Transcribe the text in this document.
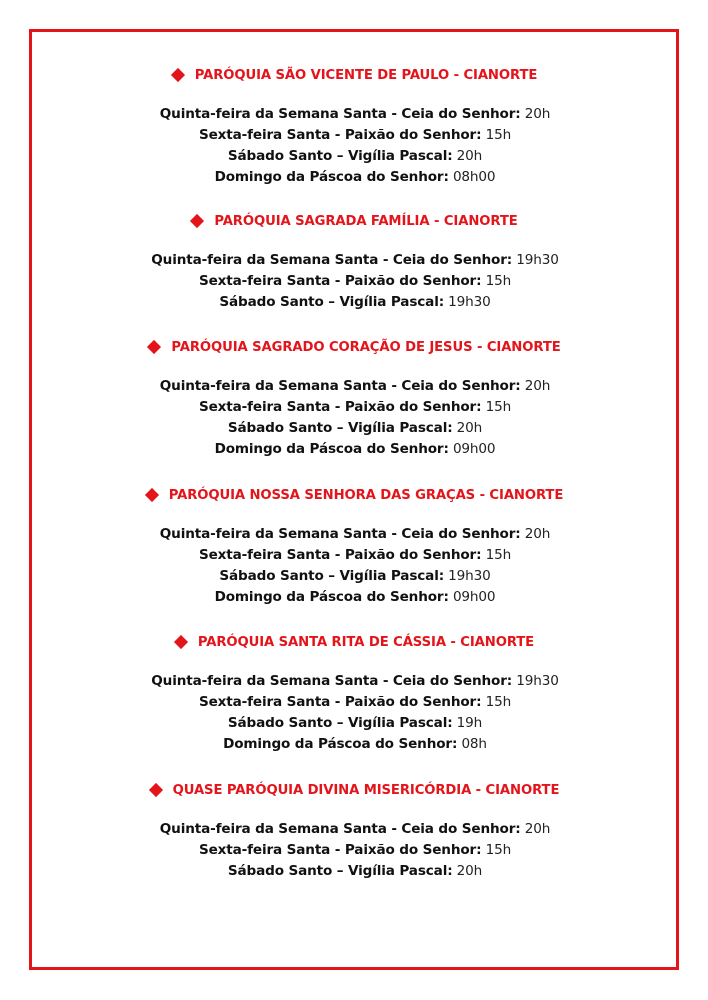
PARÓQUIA SÃO VICENTE DE PAULO - CIANORTE
Quinta-feira da Semana Santa - Ceia do Senhor: 20h
Sexta-feira Santa - Paixão do Senhor: 15h
Sábado Santo – Vigília Pascal: 20h
Domingo da Páscoa do Senhor: 08h00
PARÓQUIA SAGRADA FAMÍLIA - CIANORTE
Quinta-feira da Semana Santa - Ceia do Senhor: 19h30
Sexta-feira Santa - Paixão do Senhor: 15h
Sábado Santo – Vigília Pascal: 19h30
PARÓQUIA SAGRADO CORAÇÃO DE JESUS - CIANORTE
Quinta-feira da Semana Santa - Ceia do Senhor: 20h
Sexta-feira Santa - Paixão do Senhor: 15h
Sábado Santo – Vigília Pascal: 20h
Domingo da Páscoa do Senhor: 09h00
PARÓQUIA NOSSA SENHORA DAS GRAÇAS - CIANORTE
Quinta-feira da Semana Santa - Ceia do Senhor: 20h
Sexta-feira Santa - Paixão do Senhor: 15h
Sábado Santo – Vigília Pascal: 19h30
Domingo da Páscoa do Senhor: 09h00
PARÓQUIA SANTA RITA DE CÁSSIA - CIANORTE
Quinta-feira da Semana Santa - Ceia do Senhor: 19h30
Sexta-feira Santa - Paixão do Senhor: 15h
Sábado Santo – Vigília Pascal: 19h
Domingo da Páscoa do Senhor: 08h
QUASE PARÓQUIA DIVINA MISERICÓRDIA - CIANORTE
Quinta-feira da Semana Santa - Ceia do Senhor: 20h
Sexta-feira Santa - Paixão do Senhor: 15h
Sábado Santo – Vigília Pascal: 20h
